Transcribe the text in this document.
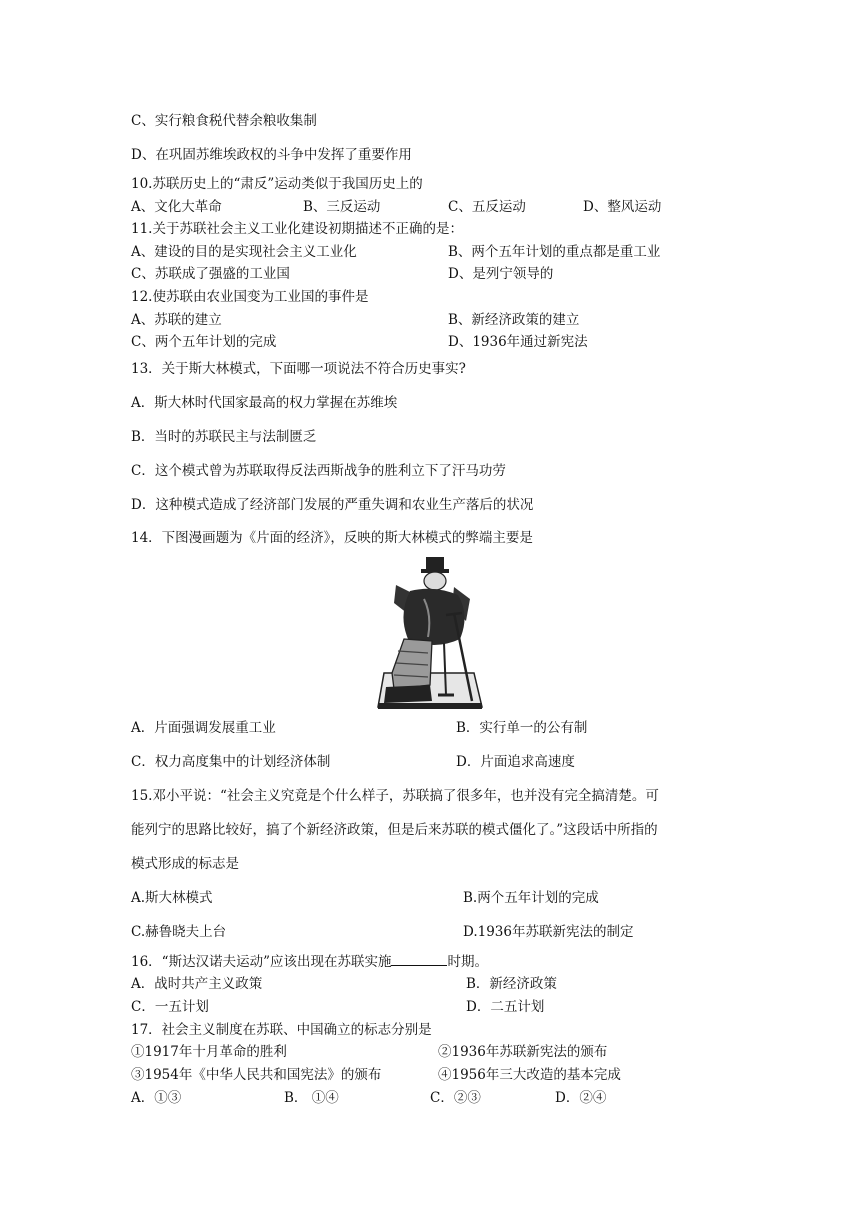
C、实行粮食税代替余粮收集制
D、在巩固苏维埃政权的斗争中发挥了重要作用
10.苏联历史上的“肃反”运动类似于我国历史上的
A、文化大革命	B、三反运动	C、五反运动	D、整风运动
11.关于苏联社会主义工业化建设初期描述不正确的是：
A、建设的目的是实现社会主义工业化	B、两个五年计划的重点都是重工业
C、苏联成了强盛的工业国	D、是列宁领导的
12.使苏联由农业国变为工业国的事件是
A、苏联的建立	B、新经济政策的建立
C、两个五年计划的完成	D、1936年通过新宪法
13．关于斯大林模式，下面哪一项说法不符合历史事实?
A．斯大林时代国家最高的权力掌握在苏维埃
B．当时的苏联民主与法制匮乏
C．这个模式曾为苏联取得反法西斯战争的胜利立下了汗马功劳
D．这种模式造成了经济部门发展的严重失调和农业生产落后的状况
14．下图漫画题为《片面的经济》，反映的斯大林模式的弊端主要是
A．片面强调发展重工业	B．实行单一的公有制
C．权力高度集中的计划经济体制	D．片面追求高速度
15.邓小平说：“社会主义究竟是个什么样子，苏联搞了很多年，也并没有完全搞清楚。可
能列宁的思路比较好，搞了个新经济政策，但是后来苏联的模式僵化了。”这段话中所指的
模式形成的标志是
A.斯大林模式	B.两个五年计划的完成
C.赫鲁晓夫上台	D.1936年苏联新宪法的制定
16．“斯达汉诺夫运动”应该出现在苏联实施	时期。
A．战时共产主义政策	B．新经济政策
C．一五计划	D．二五计划
17．社会主义制度在苏联、中国确立的标志分别是
①1917年十月革命的胜利	②1936年苏联新宪法的颁布
③1954年《中华人民共和国宪法》的颁布	④1956年三大改造的基本完成
A．①③	B． ①④	C．②③	D．②④
